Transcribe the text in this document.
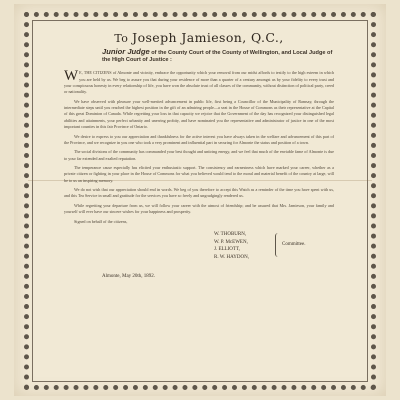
To Joseph Jamieson, Q.C.,
Junior Judge of the County Court of the County of Wellington, and Local Judge of the High Court of Justice :

W E, THE CITIZENS of Almonte and vicinity, embrace the opportunity which your removal from our midst affords to testify to the high esteem in which you are held by us. We beg to assure you that during your residence of more than a quarter of a century amongst us by your fidelity to every trust and your conspicuous honesty in every relationship of life, you have won the absolute trust of all classes of the community, without distinction of political party, creed or nationality.

We have observed with pleasure your well-merited advancement in public life, first being a Councillor of the Municipality of Ramsay, through the intermediate steps until you reached the highest position in the gift of an admiring people—a seat in the House of Commons as their representative at the Capital of this great Dominion of Canada. While regretting your loss in that capacity we rejoice that the Government of the day has recognized your distinguished legal abilities and attainments, your perfect urbanity and unerring probity, and have nominated you the representative and administrator of justice in one of the most important counties in this fair Province of Ontario.

We desire to express to you our appreciation and thankfulness for the active interest you have always taken in the welfare and advancement of this part of the Province, and we recognize in you one who took a very prominent and influential part in securing for Almonte the status and position of a town.

The social divisions of the community has commanded your best thought and untiring energy, and we feel that much of the enviable fame of Almonte is due to your far extended and exalted reputation.

The temperance cause especially has elicited your enthusiastic support. The consistency and earnestness which have marked your career, whether as a private citizen or fighting in your place in the House of Commons for what you believed would tend to the moral and material benefit of the country at large, will be to us an inspiring memory.

We do not wish that our appreciation should end in words. We beg of you therefore to accept this Watch as a reminder of the time you have spent with us, and this Tea Service in small and gratitude for the services you have so freely and ungrudgingly rendered us.

While regretting your departure from us, we will follow your career with the utmost of friendship; and be assured that Mrs. Jamieson, your family and yourself will ever have our sincere wishes for your happiness and prosperity.

Signed on behalf of the citizens,
W. THOBURN,
W. P. McEWEN,
J. ELLIOTT,
R. W. HAYDON,
Committee.
Almonte, May 20th, 1892.
